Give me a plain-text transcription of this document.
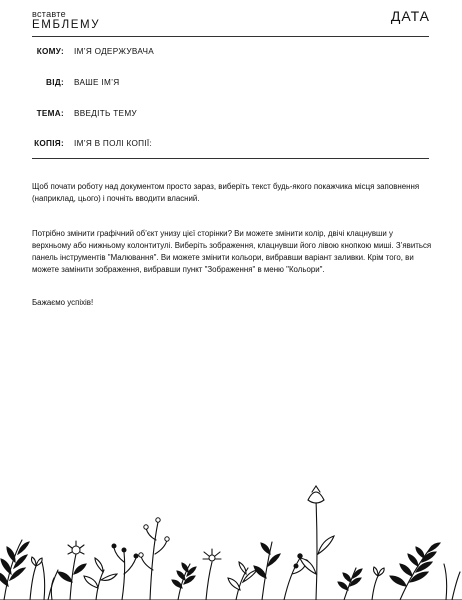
вставте
ЕМБЛЕМУ
ДАТА
КОМУ: ІМ’Я ОДЕРЖУВАЧА
ВІД: ВАШЕ ІМ’Я
ТЕМА: ВВЕДІТЬ ТЕМУ
КОПІЯ: ІМ’Я В ПОЛІ КОПІЇ:

Щоб почати роботу над документом просто зараз, виберіть текст будь-якого покажчика місця заповнення (наприклад, цього) і почніть вводити власний.

Потрібно змінити графічний об’єкт унизу цієї сторінки? Ви можете змінити колір, двічі клацнувши у верхньому або нижньому колонтитулі. Виберіть зображення, клацнувши його лівою кнопкою миші. З’явиться панель інструментів "Малювання". Ви можете змінити кольори, вибравши варіант заливки. Крім того, ви можете замінити зображення, вибравши пункт "Зображення" в меню "Кольори".

Бажаємо успіхів!
